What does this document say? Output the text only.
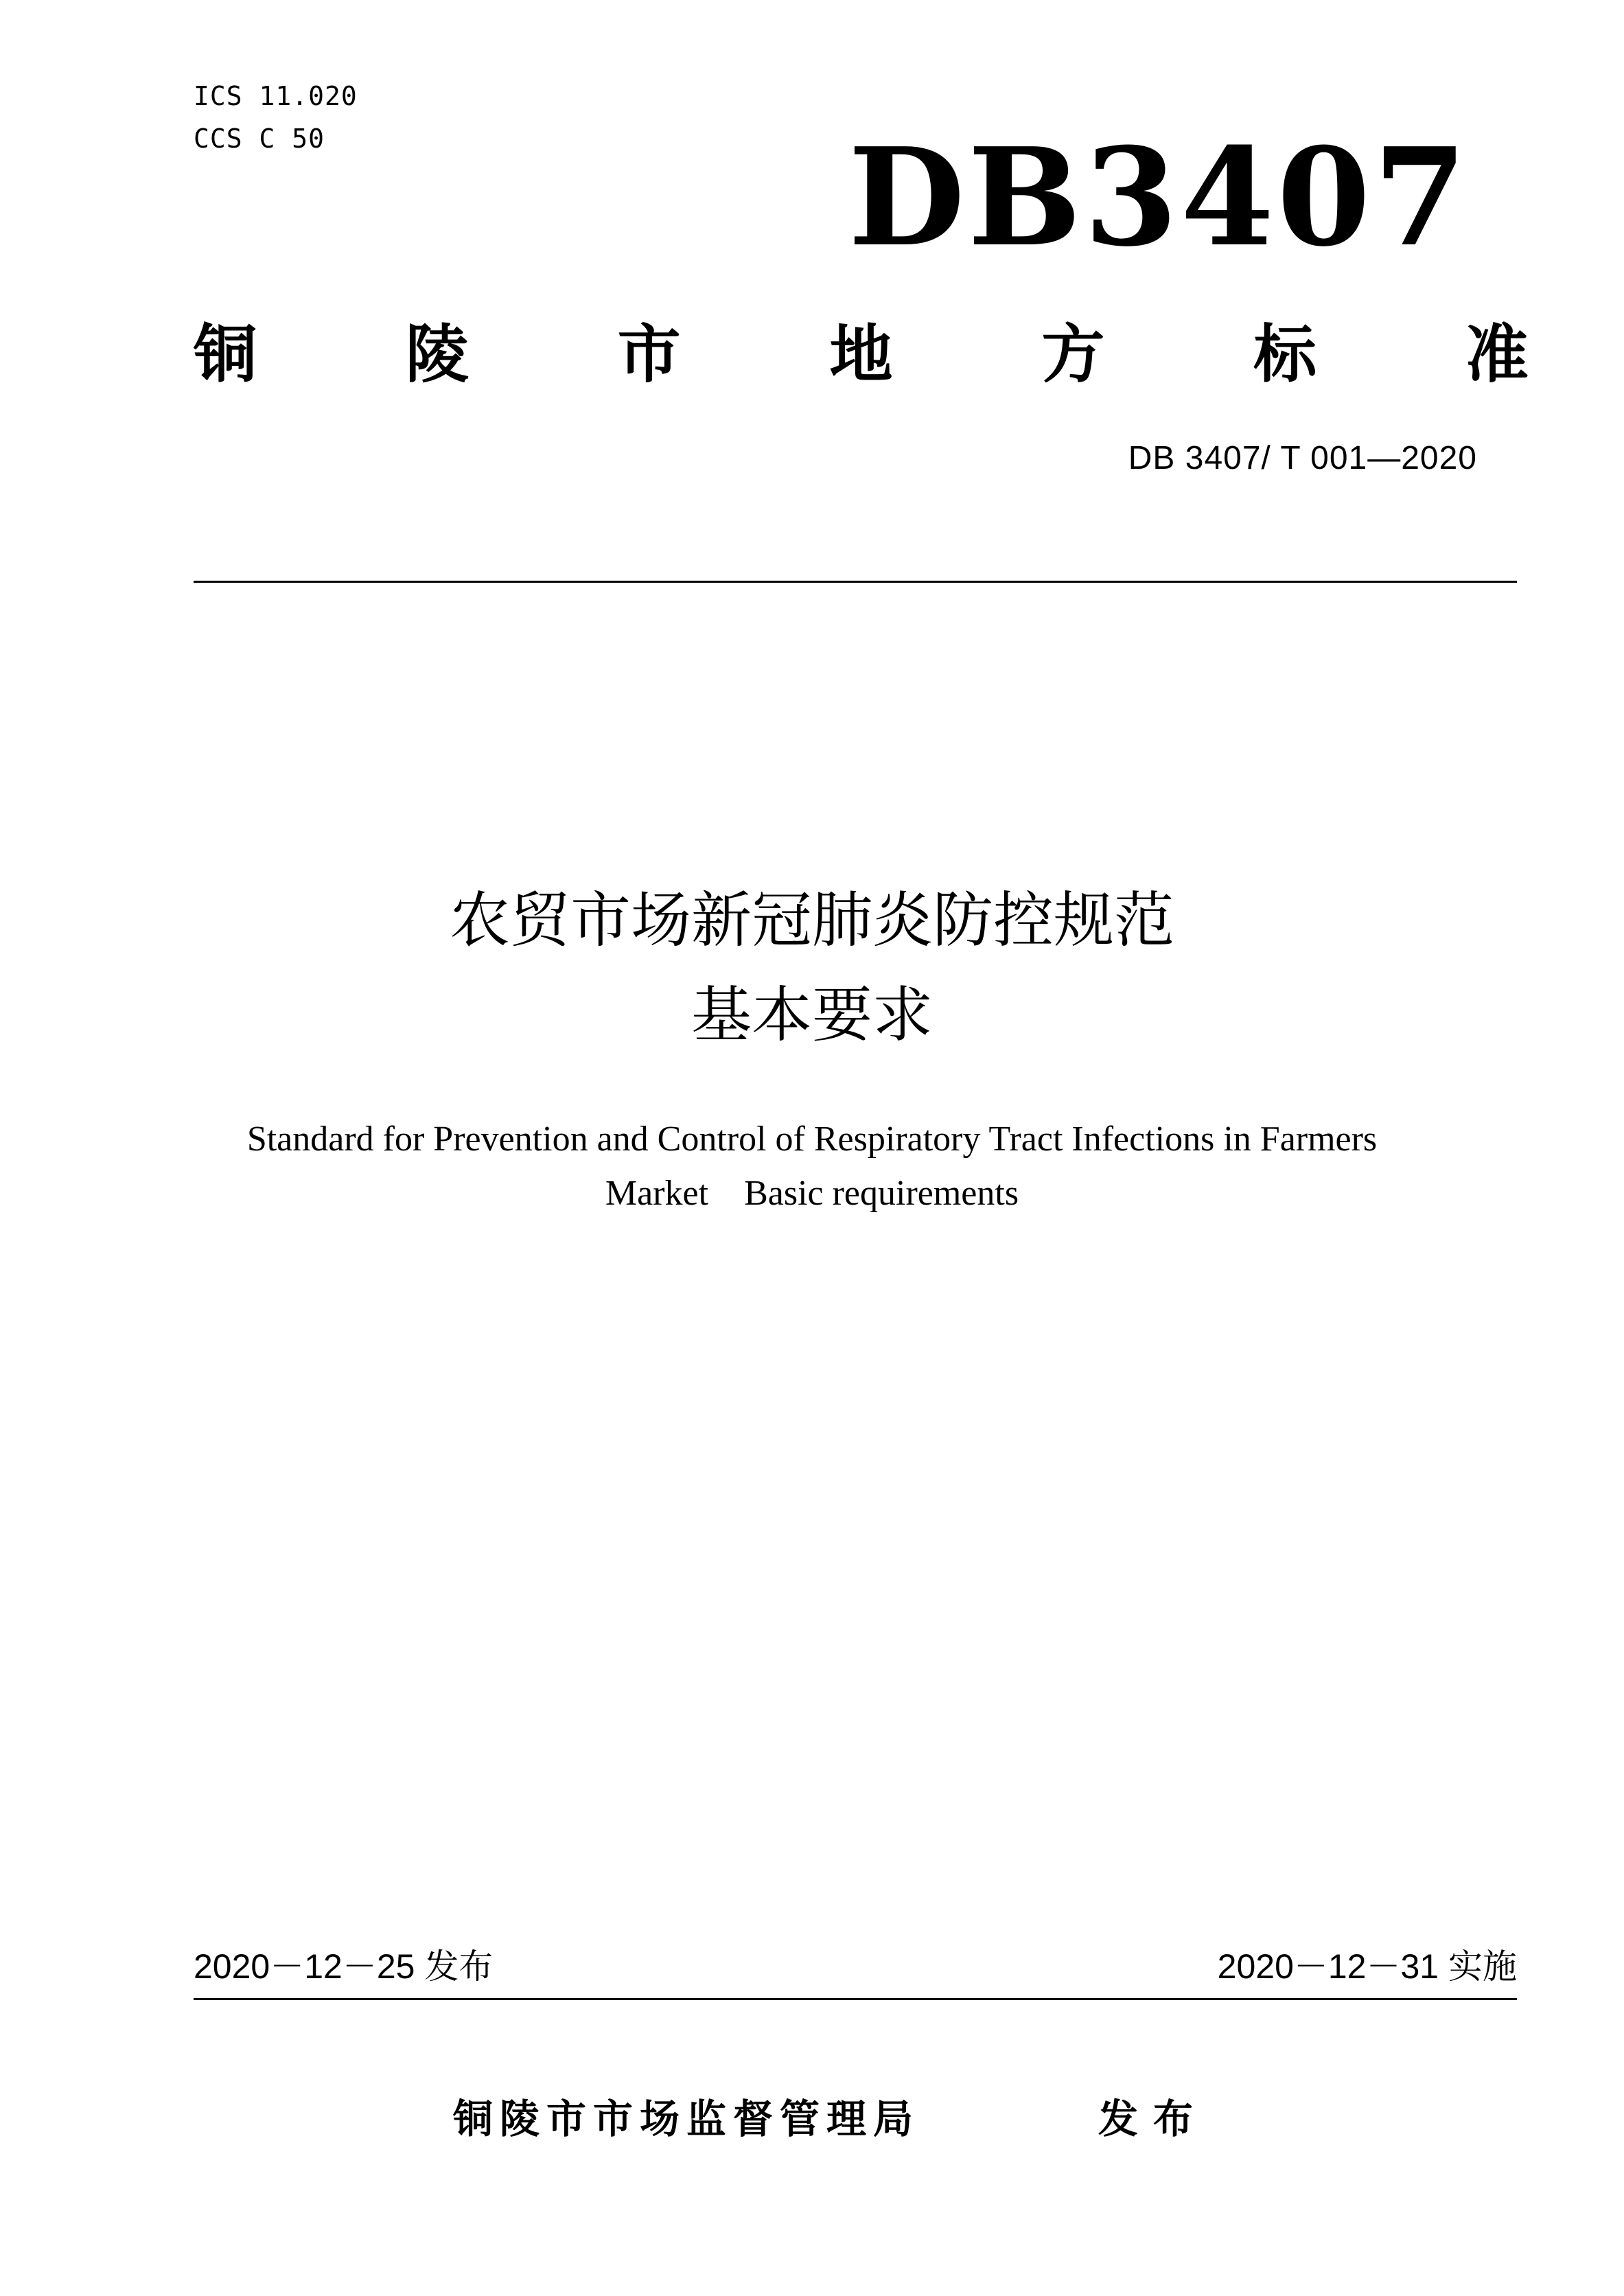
ICS 11.020
CCS C 50	DB3407
铜 陵 市 地 方 标 准
DB 3407/ T 001—2020
农贸市场新冠肺炎防控规范
基本要求
Standard for Prevention and Control of Respiratory Tract Infections in Farmers
Market    Basic requirements
2020－12－25 发布	2020－12－31 实施
铜陵市市场监督管理局	发布
